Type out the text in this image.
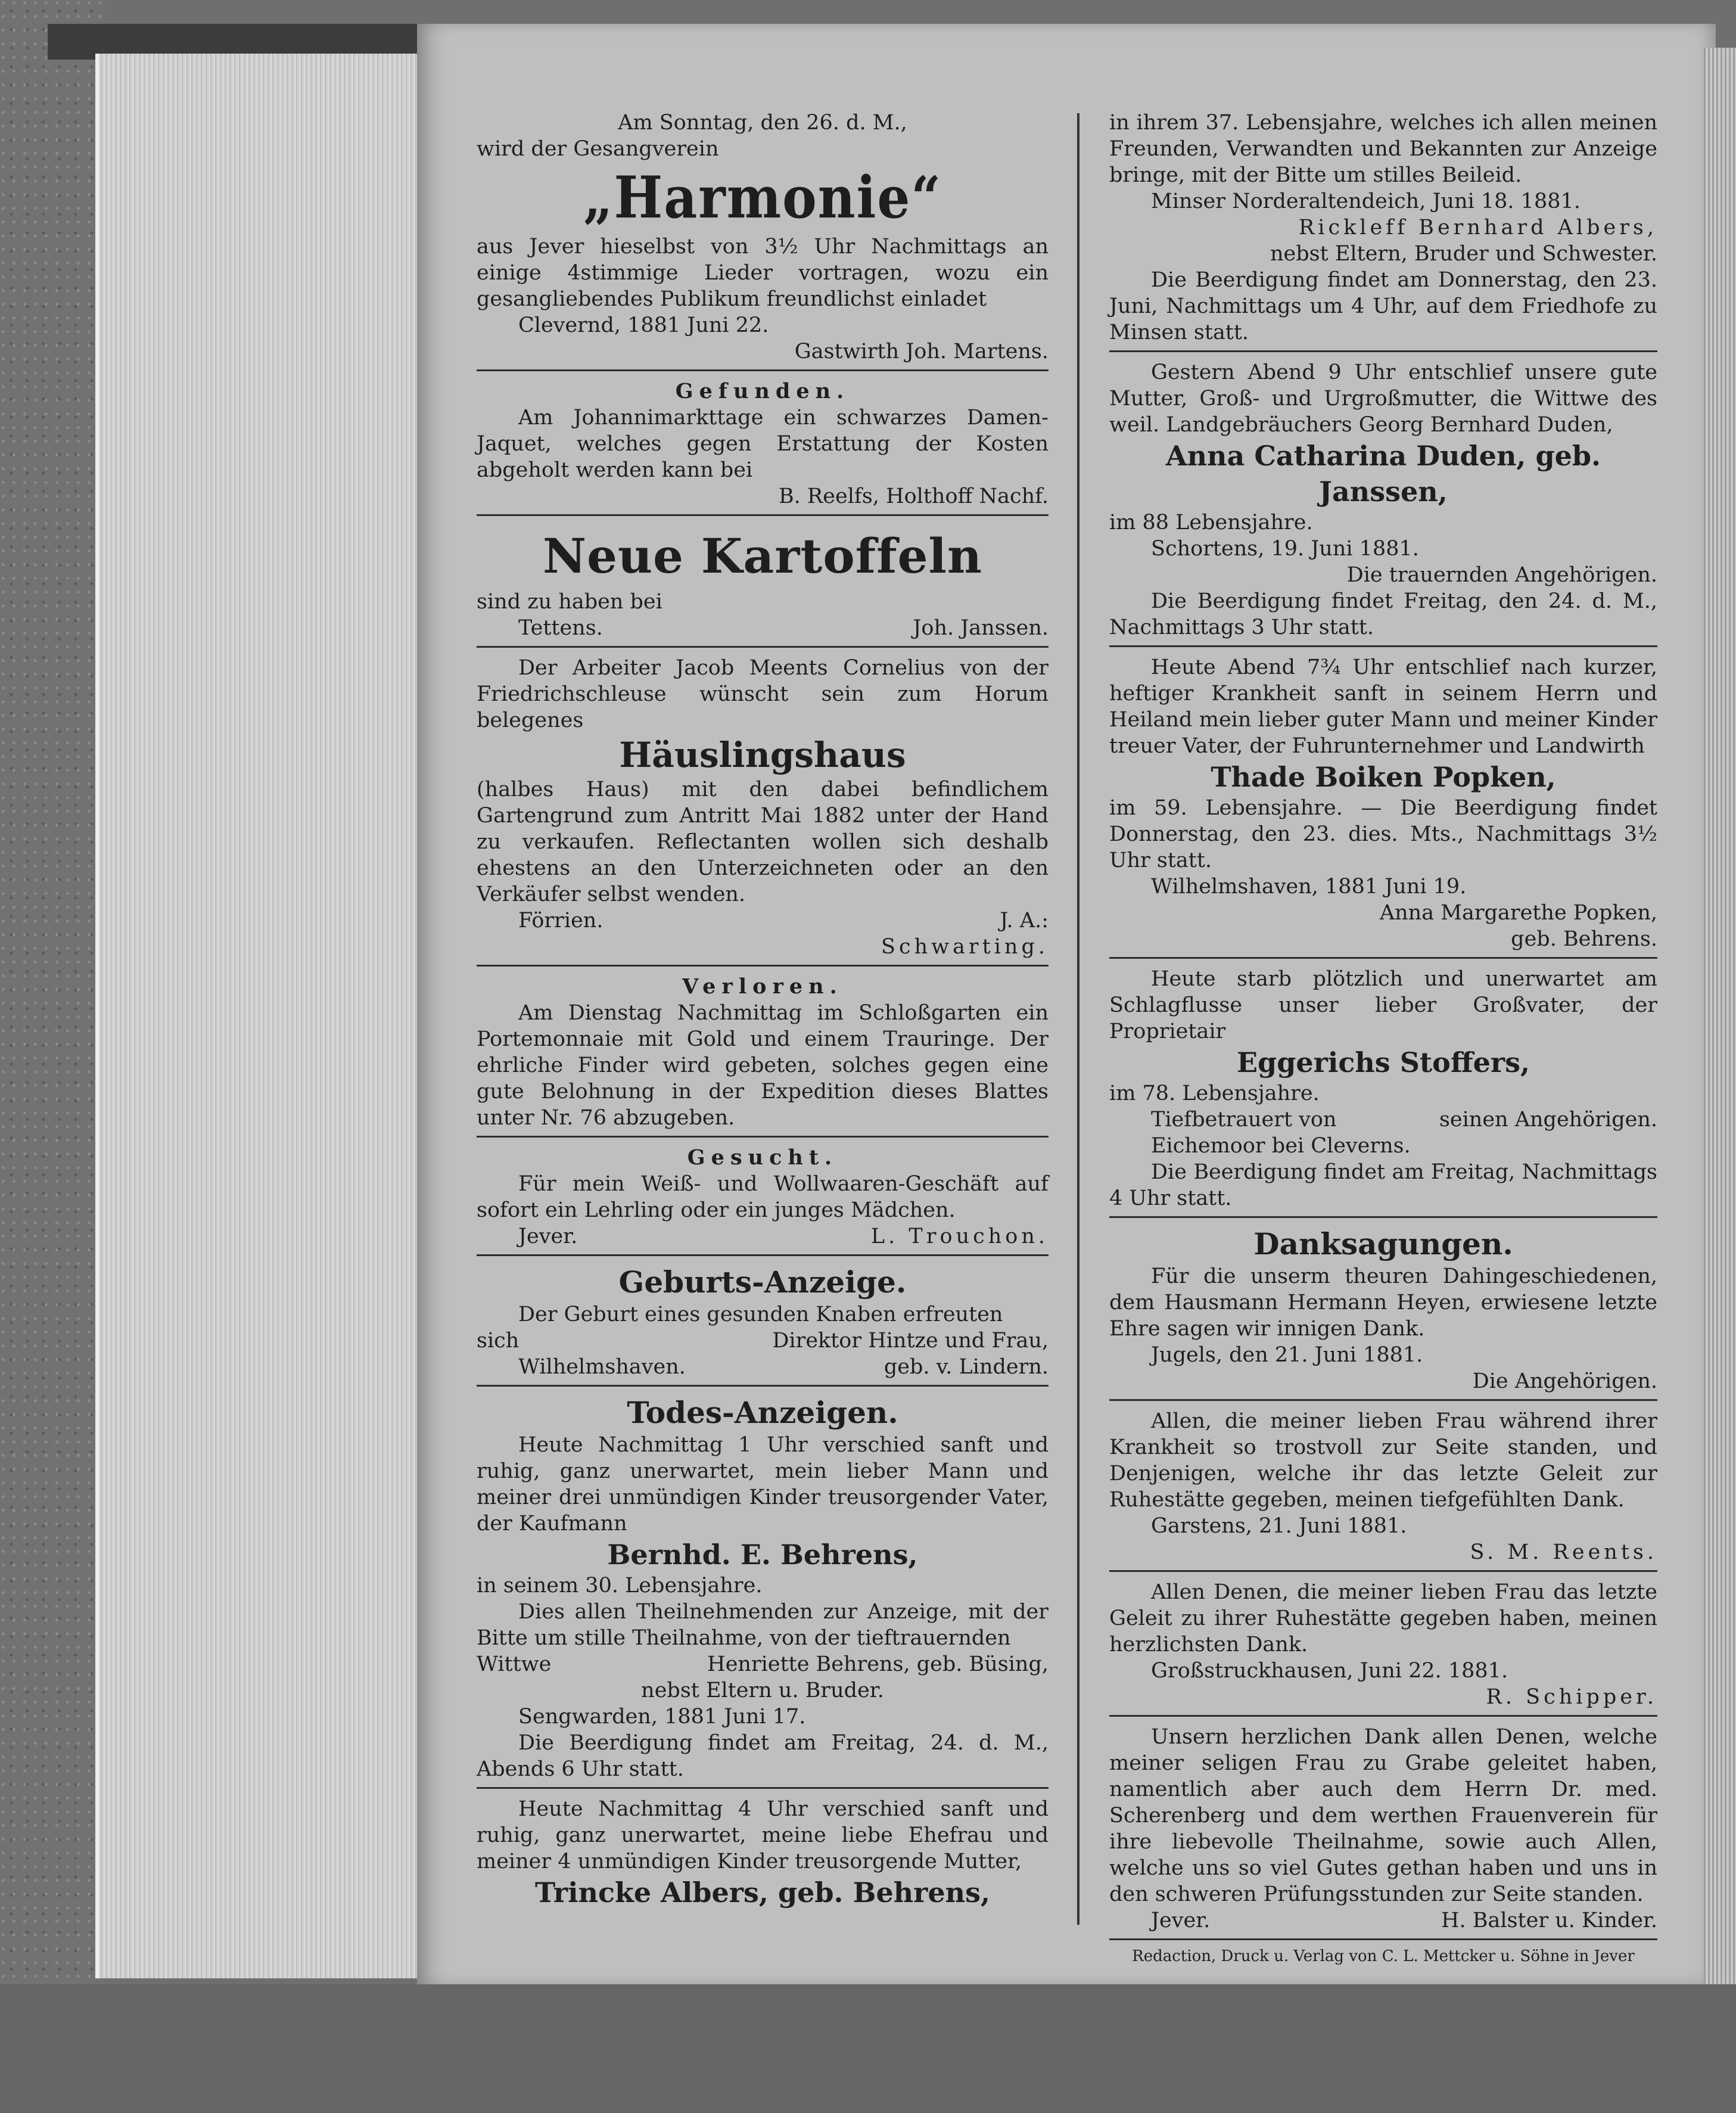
Am Sonntag, den 26. d. M.,
wird der Gesangverein
„Harmonie“
aus Jever hieselbst von 3½ Uhr Nachmittags an einige 4stimmige Lieder vortragen, wozu ein gesangliebendes Publikum freundlichst einladet
Clevernd, 1881 Juni 22.
Gastwirth Joh. Martens.
Gefunden.
Am Johannimarkttage ein schwarzes Damen-Jaquet, welches gegen Erstattung der Kosten abgeholt werden kann bei
B. Reelfs, Holthoff Nachf.
Neue Kartoffeln
sind zu haben bei
Tettens.	Joh. Janssen.
Der Arbeiter Jacob Meents Cornelius von der Friedrichschleuse wünscht sein zum Horum belegenes
Häuslingshaus
(halbes Haus) mit den dabei befindlichem Gartengrund zum Antritt Mai 1882 unter der Hand zu verkaufen. Reflectanten wollen sich deshalb ehestens an den Unterzeichneten oder an den Verkäufer selbst wenden.
Förrien.	J. A.:
Schwarting.
Verloren.
Am Dienstag Nachmittag im Schloßgarten ein Portemonnaie mit Gold und einem Trauringe. Der ehrliche Finder wird gebeten, solches gegen eine gute Belohnung in der Expedition dieses Blattes unter Nr. 76 abzugeben.
Gesucht.
Für mein Weiß- und Wollwaaren-Geschäft auf sofort ein Lehrling oder ein junges Mädchen.
Jever.	L. Trouchon.
Geburts-Anzeige.
Der Geburt eines gesunden Knaben erfreuten
sich	Direktor Hintze und Frau,
Wilhelmshaven.	geb. v. Lindern.
Todes-Anzeigen.
Heute Nachmittag 1 Uhr verschied sanft und ruhig, ganz unerwartet, mein lieber Mann und meiner drei unmündigen Kinder treusorgender Vater, der Kaufmann
Bernhd. E. Behrens,
in seinem 30. Lebensjahre.
Dies allen Theilnehmenden zur Anzeige, mit der Bitte um stille Theilnahme, von der tieftrauernden
Wittwe	Henriette Behrens, geb. Büsing,
nebst Eltern u. Bruder.
Sengwarden, 1881 Juni 17.
Die Beerdigung findet am Freitag, 24. d. M., Abends 6 Uhr statt.
Heute Nachmittag 4 Uhr verschied sanft und ruhig, ganz unerwartet, meine liebe Ehefrau und meiner 4 unmündigen Kinder treusorgende Mutter,
Trincke Albers, geb. Behrens,
in ihrem 37. Lebensjahre, welches ich allen meinen Freunden, Verwandten und Bekannten zur Anzeige bringe, mit der Bitte um stilles Beileid.
Minser Norderaltendeich, Juni 18. 1881.
Rickleff Bernhard Albers,
nebst Eltern, Bruder und Schwester.
Die Beerdigung findet am Donnerstag, den 23. Juni, Nachmittags um 4 Uhr, auf dem Friedhofe zu Minsen statt.
Gestern Abend 9 Uhr entschlief unsere gute Mutter, Groß- und Urgroßmutter, die Wittwe des weil. Landgebräuchers Georg Bernhard Duden,
Anna Catharina Duden, geb. Janssen,
im 88 Lebensjahre.
Schortens, 19. Juni 1881.
Die trauernden Angehörigen.
Die Beerdigung findet Freitag, den 24. d. M., Nachmittags 3 Uhr statt.
Heute Abend 7¾ Uhr entschlief nach kurzer, heftiger Krankheit sanft in seinem Herrn und Heiland mein lieber guter Mann und meiner Kinder treuer Vater, der Fuhrunternehmer und Landwirth
Thade Boiken Popken,
im 59. Lebensjahre. — Die Beerdigung findet Donnerstag, den 23. dies. Mts., Nachmittags 3½ Uhr statt.
Wilhelmshaven, 1881 Juni 19.
Anna Margarethe Popken,
geb. Behrens.
Heute starb plötzlich und unerwartet am Schlagflusse unser lieber Großvater, der Proprietair
Eggerichs Stoffers,
im 78. Lebensjahre.
Tiefbetrauert von	seinen Angehörigen.
Eichemoor bei Cleverns.
Die Beerdigung findet am Freitag, Nachmittags 4 Uhr statt.
Danksagungen.
Für die unserm theuren Dahingeschiedenen, dem Hausmann Hermann Heyen, erwiesene letzte Ehre sagen wir innigen Dank.
Jugels, den 21. Juni 1881.
Die Angehörigen.
Allen, die meiner lieben Frau während ihrer Krankheit so trostvoll zur Seite standen, und Denjenigen, welche ihr das letzte Geleit zur Ruhestätte gegeben, meinen tiefgefühlten Dank.
Garstens, 21. Juni 1881.
S. M. Reents.
Allen Denen, die meiner lieben Frau das letzte Geleit zu ihrer Ruhestätte gegeben haben, meinen herzlichsten Dank.
Großstruckhausen, Juni 22. 1881.
R. Schipper.
Unsern herzlichen Dank allen Denen, welche meiner seligen Frau zu Grabe geleitet haben, namentlich aber auch dem Herrn Dr. med. Scherenberg und dem werthen Frauenverein für ihre liebevolle Theilnahme, sowie auch Allen, welche uns so viel Gutes gethan haben und uns in den schweren Prüfungsstunden zur Seite standen.
Jever.	H. Balster u. Kinder.
Redaction, Druck u. Verlag von C. L. Mettcker u. Söhne in Jever
